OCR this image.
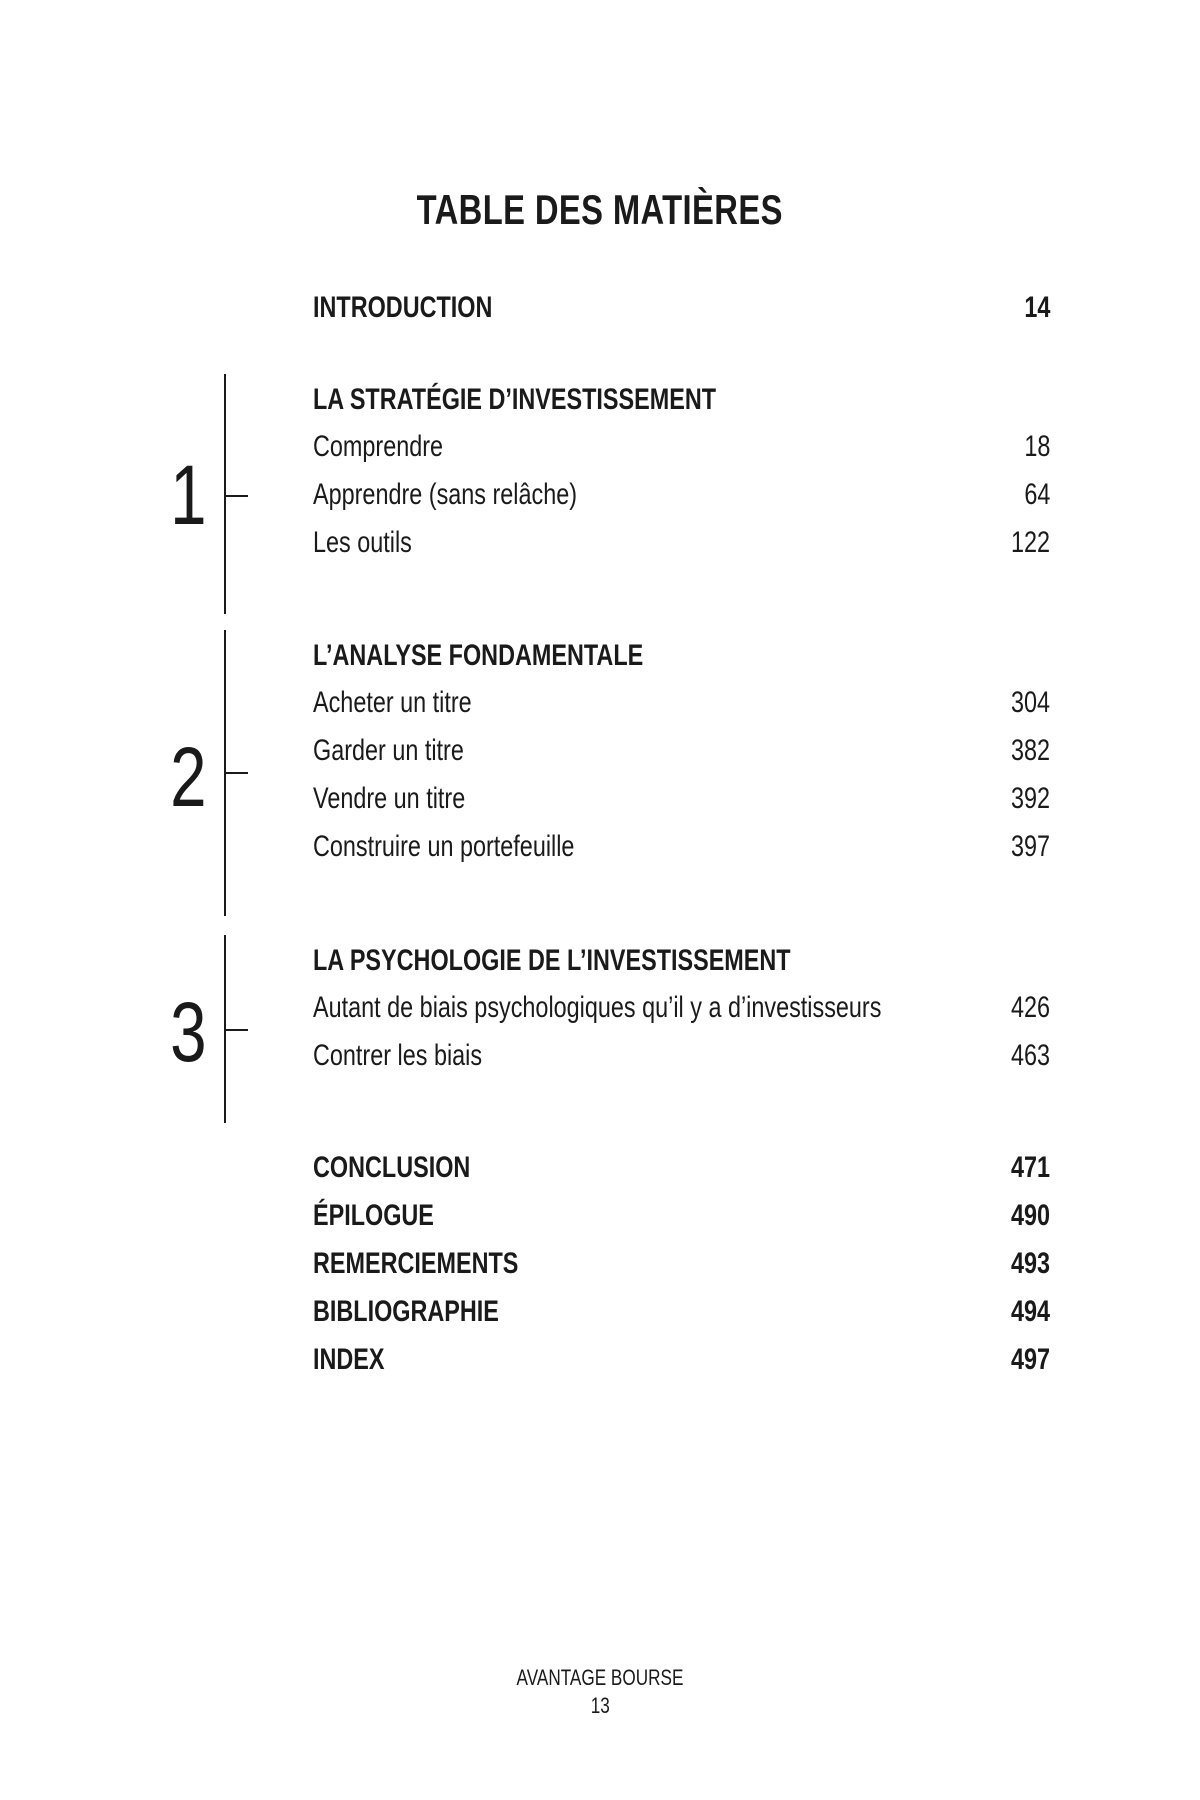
TABLE DES MATIÈRES
INTRODUCTION	14
1
LA STRATÉGIE D’INVESTISSEMENT
Comprendre	18
Apprendre (sans relâche)	64
Les outils	122
2
L’ANALYSE FONDAMENTALE
Acheter un titre	304
Garder un titre	382
Vendre un titre	392
Construire un portefeuille	397
3
LA PSYCHOLOGIE DE L’INVESTISSEMENT
Autant de biais psychologiques qu’il y a d’investisseurs	426
Contrer les biais	463
CONCLUSION	471
ÉPILOGUE	490
REMERCIEMENTS	493
BIBLIOGRAPHIE	494
INDEX	497
AVANTAGE BOURSE
13
